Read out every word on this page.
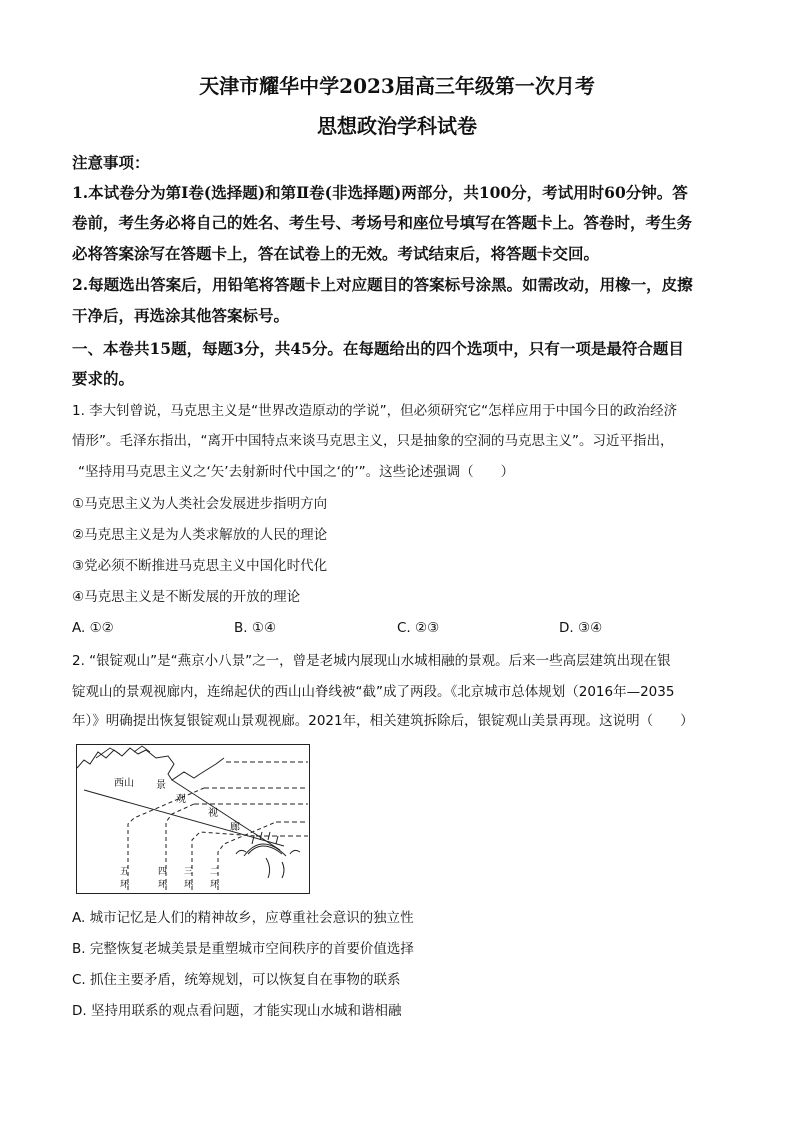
天津市耀华中学2023届高三年级第一次月考
思想政治学科试卷
注意事项：
1.本试卷分为第Ⅰ卷(选择题)和第Ⅱ卷(非选择题)两部分，共100分，考试用时60分钟。答
卷前，考生务必将自己的姓名、考生号、考场号和座位号填写在答题卡上。答卷时，考生务
必将答案涂写在答题卡上，答在试卷上的无效。考试结束后，将答题卡交回。
2.每题选出答案后，用铅笔将答题卡上对应题目的答案标号涂黑。如需改动，用橡一，皮擦
干净后，再选涂其他答案标号。
一、本卷共15题，每题3分，共45分。在每题给出的四个选项中，只有一项是最符合题目
要求的。
1. 李大钊曾说，马克思主义是“世界改造原动的学说”，但必须研究它“怎样应用于中国今日的政治经济
情形”。毛泽东指出，“离开中国特点来谈马克思主义，只是抽象的空洞的马克思主义”。习近平指出，
“坚持用马克思主义之‘矢’去射新时代中国之‘的’”。这些论述强调（　　）
①马克思主义为人类社会发展进步指明方向
②马克思主义是为人类求解放的人民的理论
③党必须不断推进马克思主义中国化时代化
④马克思主义是不断发展的开放的理论
A. ①②	B. ①④	C. ②③	D. ③④
2. “银锭观山”是“燕京小八景”之一，曾是老城内展现山水城相融的景观。后来一些高层建筑出现在银
锭观山的景观视廊内，连绵起伏的西山山脊线被“截”成了两段。《北京城市总体规划（2016年—2035
年）》明确提出恢复银锭观山景观视廊。2021年，相关建筑拆除后，银锭观山美景再现。这说明（　　）
西山 景
观
视
廊
五
环
四
环
三
环
二
环
A. 城市记忆是人们的精神故乡，应尊重社会意识的独立性
B. 完整恢复老城美景是重塑城市空间秩序的首要价值选择
C. 抓住主要矛盾，统筹规划，可以恢复自在事物的联系
D. 坚持用联系的观点看问题，才能实现山水城和谐相融
